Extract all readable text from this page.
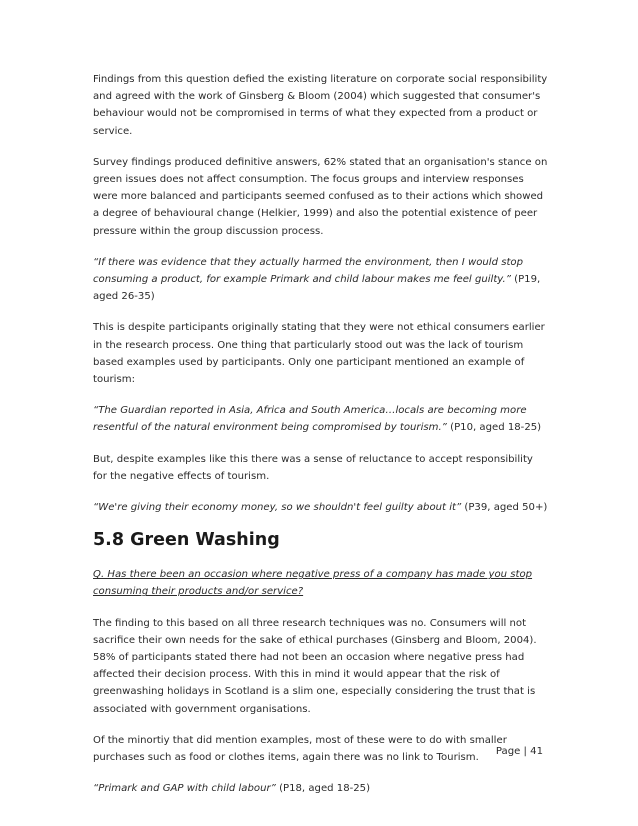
Findings from this question defied the existing literature on corporate social responsibility and agreed with the work of Ginsberg & Bloom (2004) which suggested that consumer's behaviour would not be compromised in terms of what they expected from a product or service.

Survey findings produced definitive answers, 62% stated that an organisation's stance on green issues does not affect consumption. The focus groups and interview responses were more balanced and participants seemed confused as to their actions which showed a degree of behavioural change (Helkier, 1999) and also the potential existence of peer pressure within the group discussion process.

“If there was evidence that they actually harmed the environment, then I would stop consuming a product, for example Primark and child labour makes me feel guilty.” (P19, aged 26-35)

This is despite participants originally stating that they were not ethical consumers earlier in the research process. One thing that particularly stood out was the lack of tourism based examples used by participants. Only one participant mentioned an example of tourism:

“The Guardian reported in Asia, Africa and South America…locals are becoming more resentful of the natural environment being compromised by tourism.” (P10, aged 18-25)

But, despite examples like this there was a sense of reluctance to accept responsibility for the negative effects of tourism.

“We're giving their economy money, so we shouldn't feel guilty about it” (P39, aged 50+)

5.8 Green Washing

Q. Has there been an occasion where negative press of a company has made you stop consuming their products and/or service?

The finding to this based on all three research techniques was no. Consumers will not sacrifice their own needs for the sake of ethical purchases (Ginsberg and Bloom, 2004). 58% of participants stated there had not been an occasion where negative press had affected their decision process. With this in mind it would appear that the risk of greenwashing holidays in Scotland is a slim one, especially considering the trust that is associated with government organisations.

Of the minortiy that did mention examples, most of these were to do with smaller purchases such as food or clothes items, again there was no link to Tourism.

“Primark and GAP with child labour” (P18, aged 18-25)

Page | 41
